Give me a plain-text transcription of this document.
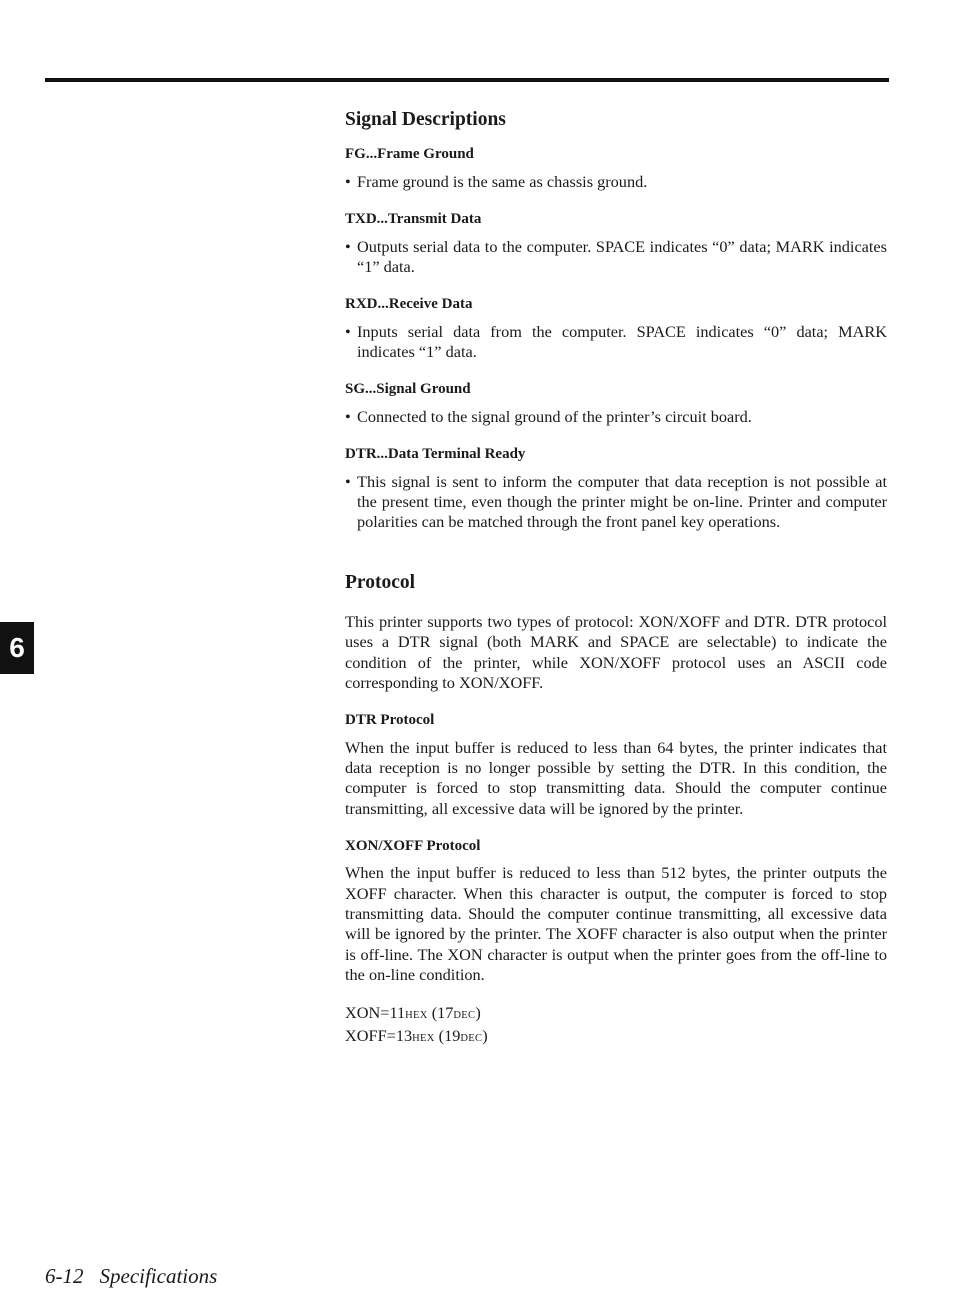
6
Signal Descriptions
FG...Frame Ground

• Frame ground is the same as chassis ground.

TXD...Transmit Data

• Outputs serial data to the computer. SPACE indicates “0” data; MARK indicates “1” data.

RXD...Receive Data

• Inputs serial data from the computer. SPACE indicates “0” data; MARK indicates “1” data.

SG...Signal Ground

• Connected to the signal ground of the printer’s circuit board.

DTR...Data Terminal Ready

• This signal is sent to inform the computer that data reception is not possible at the present time, even though the printer might be on-line. Printer and computer polarities can be matched through the front panel key operations.

Protocol

This printer supports two types of protocol: XON/XOFF and DTR. DTR protocol uses a DTR signal (both MARK and SPACE are selectable) to indicate the condition of the printer, while XON/XOFF protocol uses an ASCII code corresponding to XON/XOFF.

DTR Protocol

When the input buffer is reduced to less than 64 bytes, the printer indicates that data reception is no longer possible by setting the DTR. In this condition, the computer is forced to stop transmitting data. Should the computer continue transmitting, all excessive data will be ignored by the printer.

XON/XOFF Protocol

When the input buffer is reduced to less than 512 bytes, the printer outputs the XOFF character. When this character is output, the computer is forced to stop transmitting data. Should the computer continue transmitting, all excessive data will be ignored by the printer. The XOFF character is also output when the printer is off-line. The XON character is output when the printer goes from the off-line to the on-line condition.

XON=11HEX (17DEC)

XOFF=13HEX (19DEC)

6-12 Specifications
